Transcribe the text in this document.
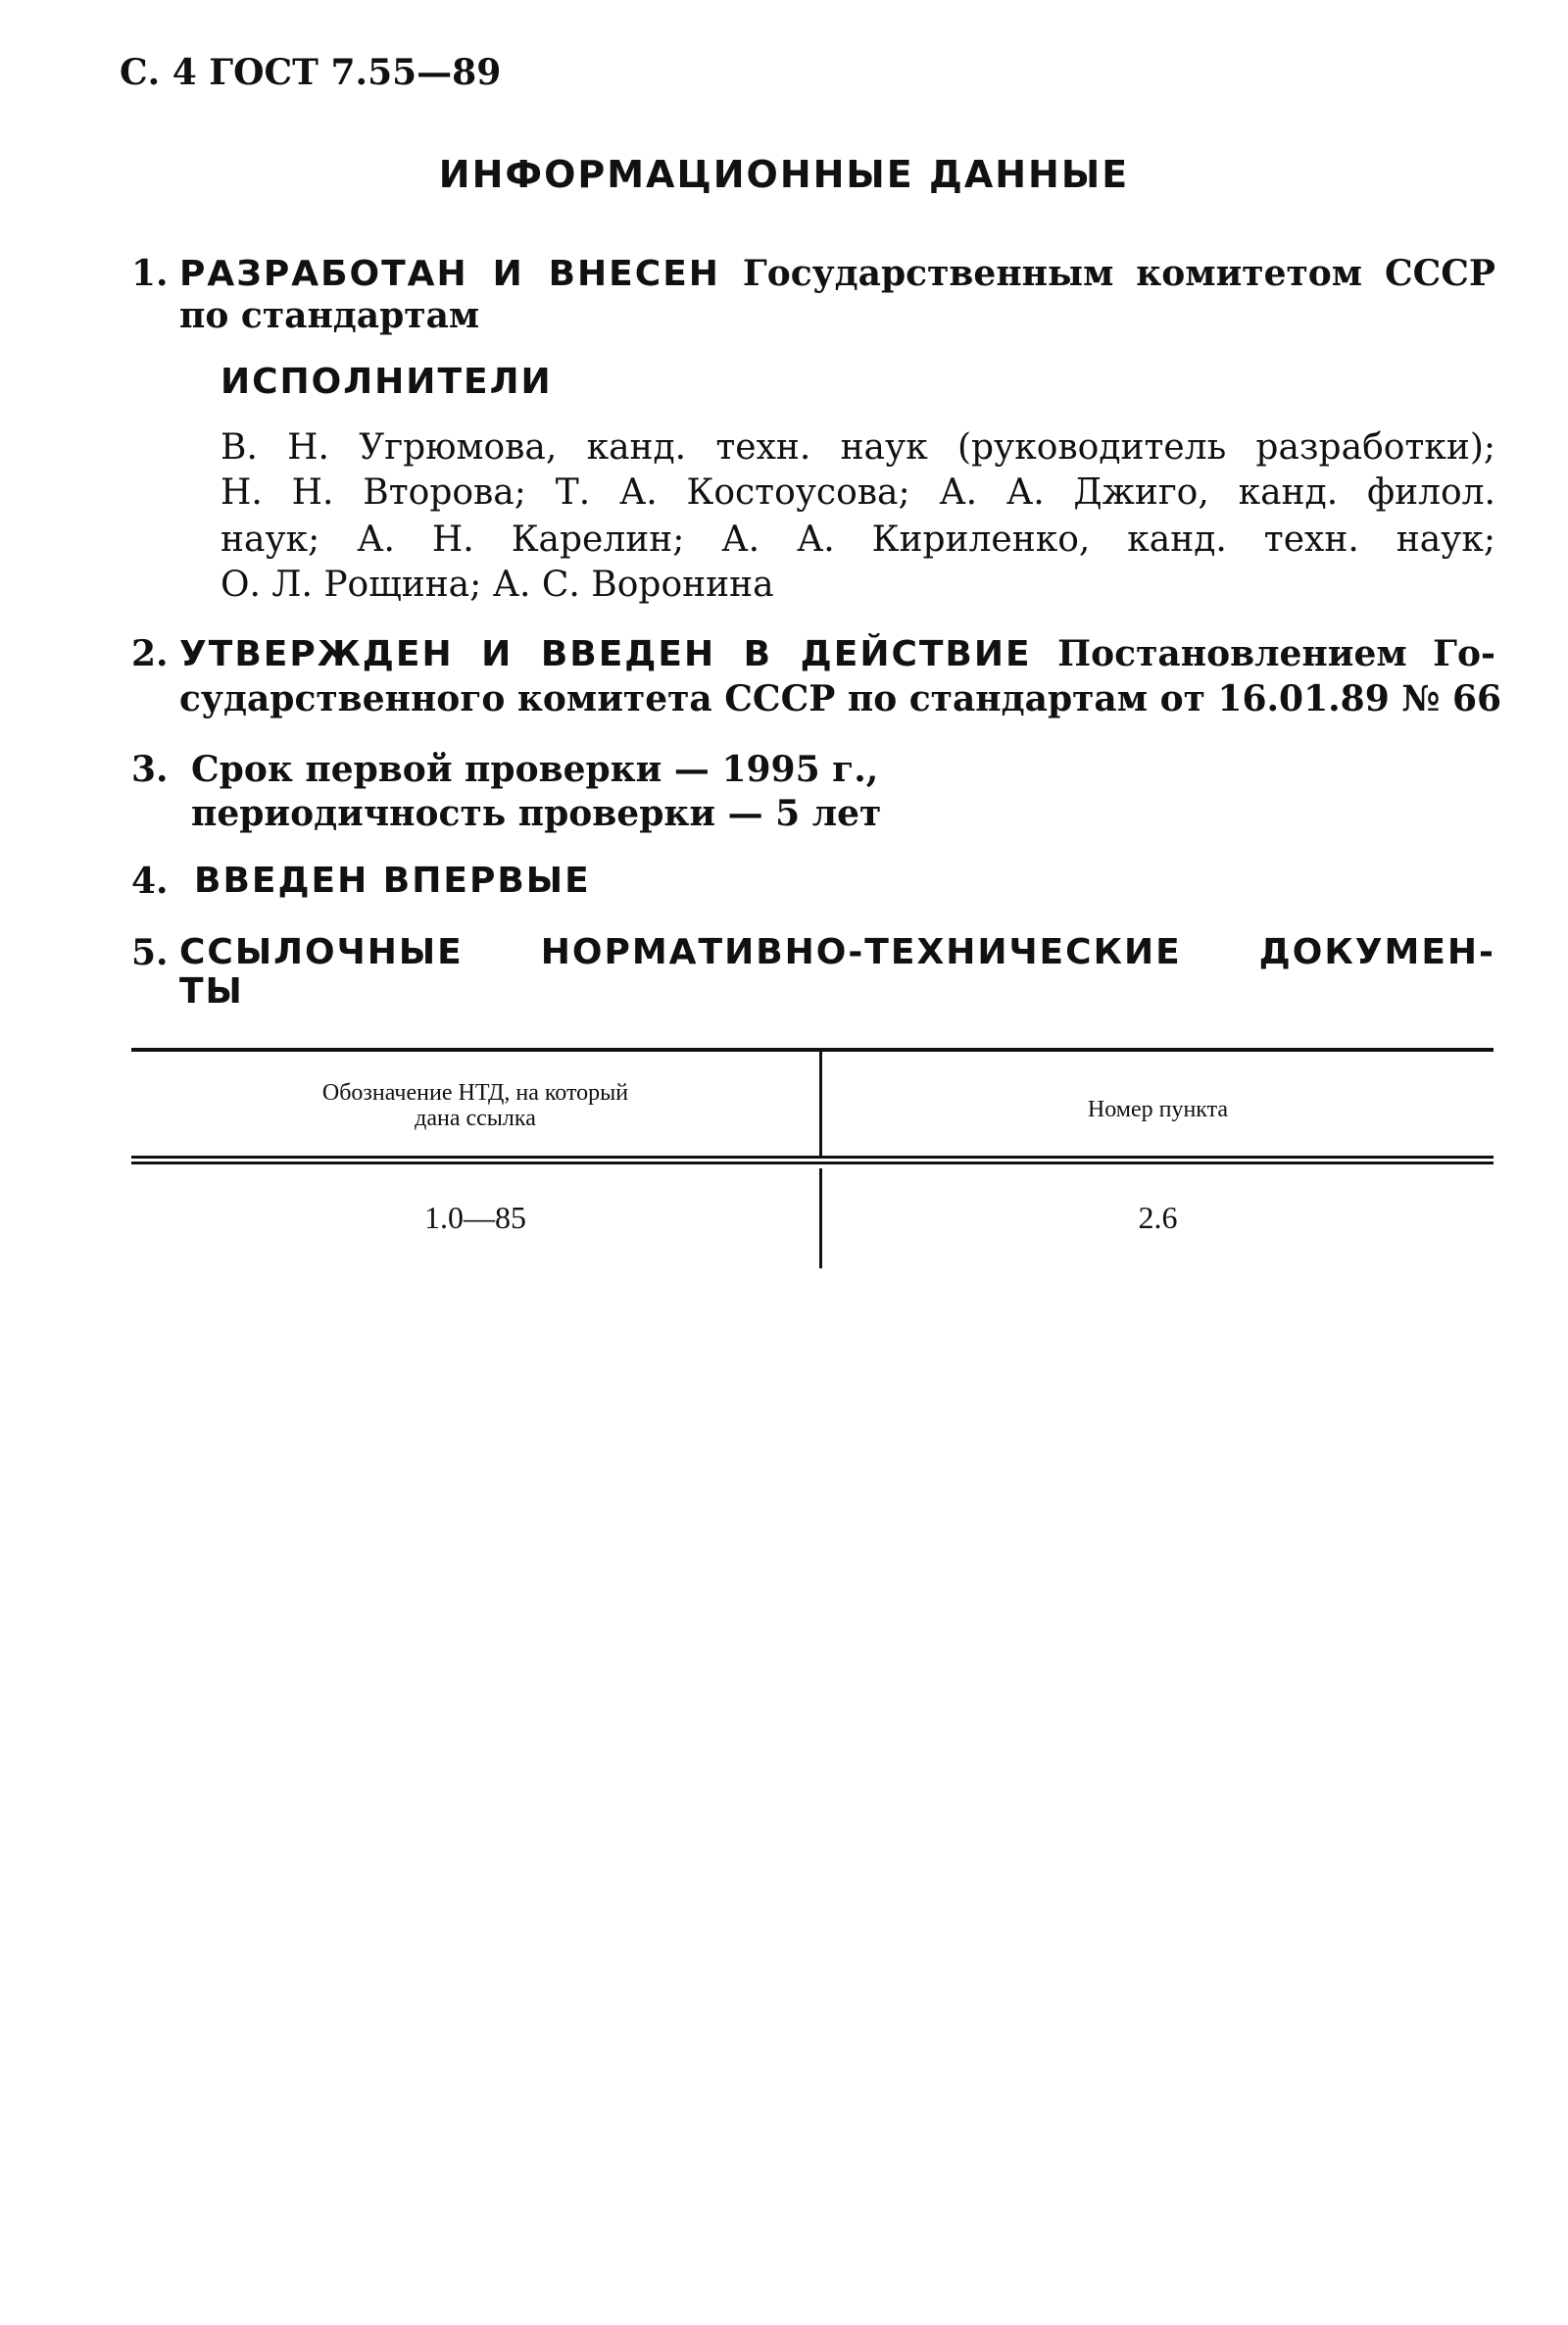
С. 4 ГОСТ 7.55—89
ИНФОРМАЦИОННЫЕ ДАННЫЕ
1. РАЗРАБОТАН И ВНЕСЕН Государственным комитетом СССР
по стандартам
ИСПОЛНИТЕЛИ
В. Н. Угрюмова, канд. техн. наук (руководитель разработки);
Н. Н. Второва; Т. А. Костоусова; А. А. Джиго, канд. филол.
наук; А. Н. Карелин; А. А. Кириленко, канд. техн. наук;
О. Л. Рощина; А. С. Воронина
2. УТВЕРЖДЕН И ВВЕДЕН В ДЕЙСТВИЕ Постановлением Го-
сударственного комитета СССР по стандартам от 16.01.89 № 66
3. Срок первой проверки — 1995 г.,
периодичность проверки — 5 лет
4. ВВЕДЕН ВПЕРВЫЕ
5. ССЫЛОЧНЫЕ НОРМАТИВНО-ТЕХНИЧЕСКИЕ ДОКУМЕН-
ТЫ
Обозначение НТД, на который
дана ссылка	Номер пункта
1.0—85	2.6
